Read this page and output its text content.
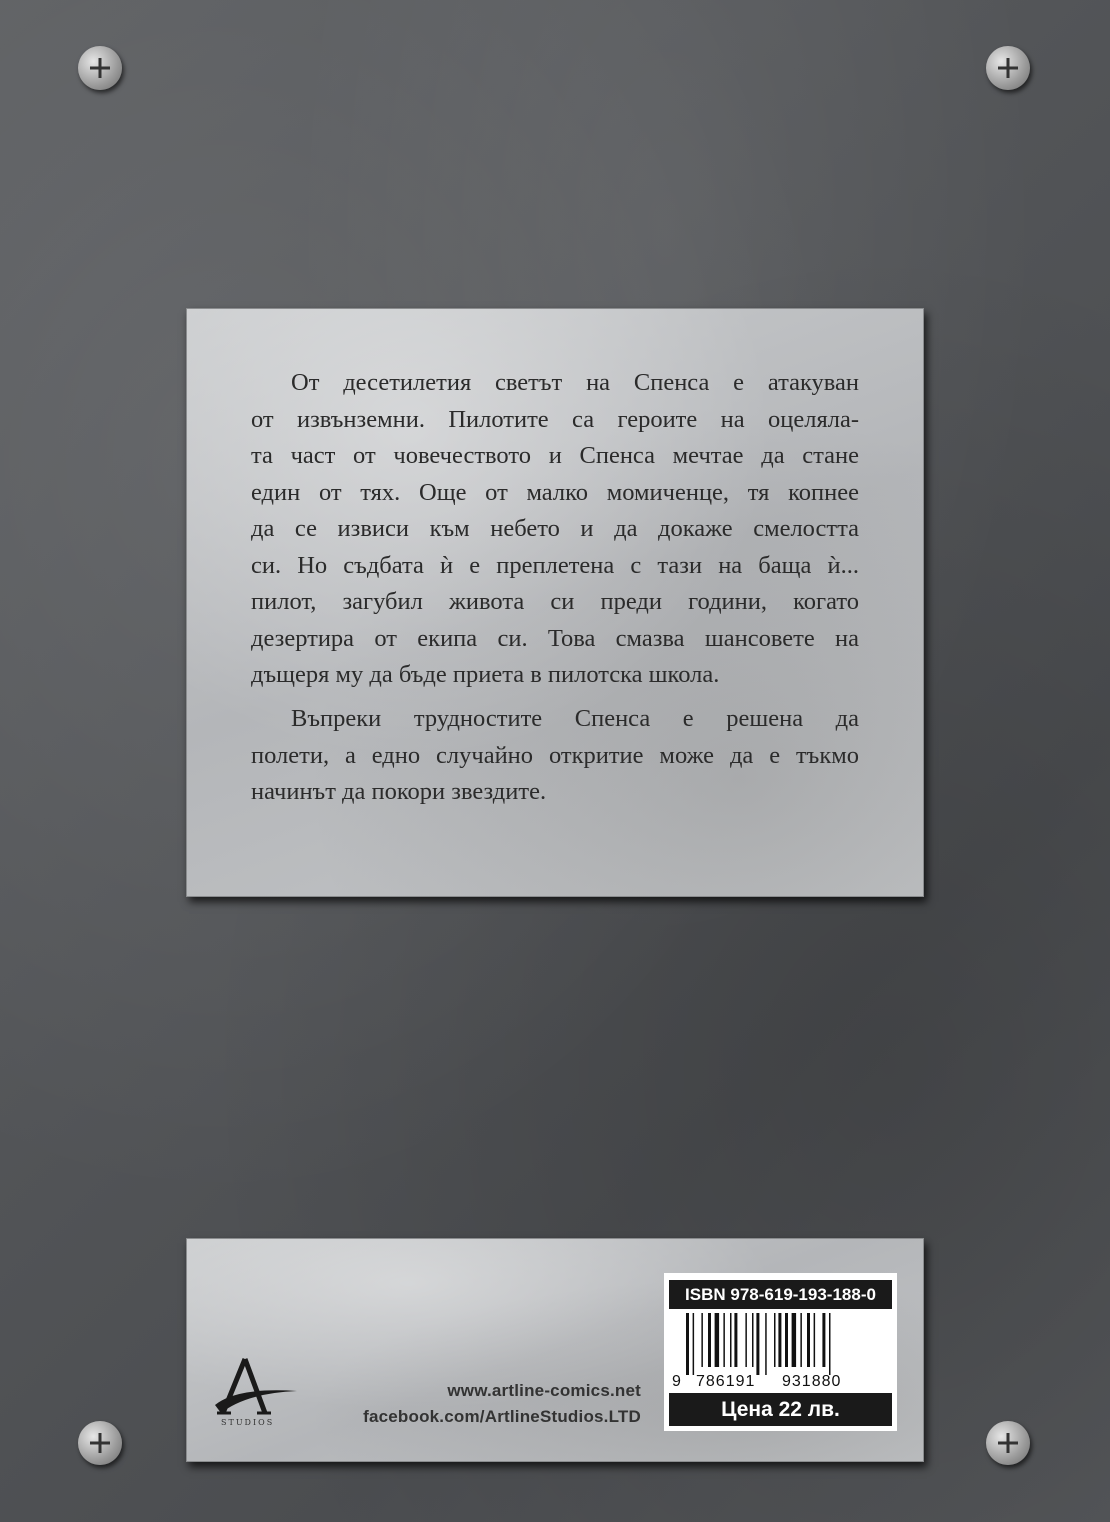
От десетилетия светът на Спенса е атакуван
от извънземни. Пилотите са героите на оцеляла-
та част от човечеството и Спенса мечтае да стане
един от тях. Още от малко момиченце, тя копнее
да се извиси към небето и да докаже смелостта
си. Но съдбата ѝ е преплетена с тази на баща ѝ...
пилот, загубил живота си преди години, когато
дезертира от екипа си. Това смазва шансовете на
дъщеря му да бъде приета в пилотска школа.
Въпреки трудностите Спенса е решена да
полети, а едно случайно откритие може да е тъкмо
начинът да покори звездите.
STUDIOS
www.artline-comics.net
facebook.com/ArtlineStudios.LTD
ISBN 978-619-193-188-0
9 786191 931880
Цена 22 лв.
